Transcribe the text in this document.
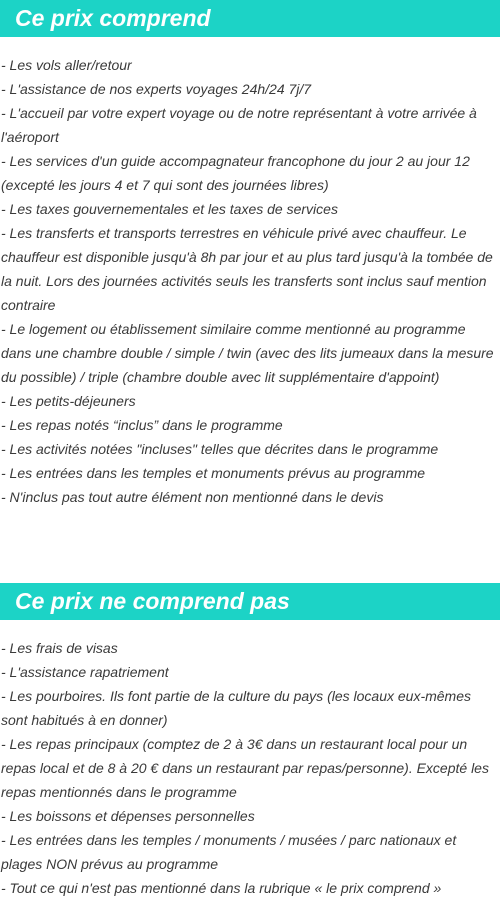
Ce prix comprend
- Les vols aller/retour
- L'assistance de nos experts voyages 24h/24 7j/7
- L'accueil par votre expert voyage ou de notre représentant à votre arrivée à l'aéroport
- Les services d'un guide accompagnateur francophone du jour 2 au jour 12 (excepté les jours 4 et 7 qui sont des journées libres)
- Les taxes gouvernementales et les taxes de services
- Les transferts et transports terrestres en véhicule privé avec chauffeur. Le chauffeur est disponible jusqu'à 8h par jour et au plus tard jusqu'à la tombée de la nuit. Lors des journées activités seuls les transferts sont inclus sauf mention contraire
- Le logement ou établissement similaire comme mentionné au programme dans une chambre double / simple / twin (avec des lits jumeaux dans la mesure du possible) / triple (chambre double avec lit supplémentaire d'appoint)
- Les petits-déjeuners
- Les repas notés “inclus” dans le programme
- Les activités notées "incluses" telles que décrites dans le programme
- Les entrées dans les temples et monuments prévus au programme
- N'inclus pas tout autre élément non mentionné dans le devis
Ce prix ne comprend pas
- Les frais de visas
- L'assistance rapatriement
- Les pourboires. Ils font partie de la culture du pays (les locaux eux-mêmes sont habitués à en donner)
- Les repas principaux (comptez de 2 à 3€ dans un restaurant local pour un repas local et de 8 à 20 € dans un restaurant par repas/personne). Excepté les repas mentionnés dans le programme
- Les boissons et dépenses personnelles
- Les entrées dans les temples / monuments / musées / parc nationaux et plages NON prévus au programme
- Tout ce qui n'est pas mentionné dans la rubrique « le prix comprend »
